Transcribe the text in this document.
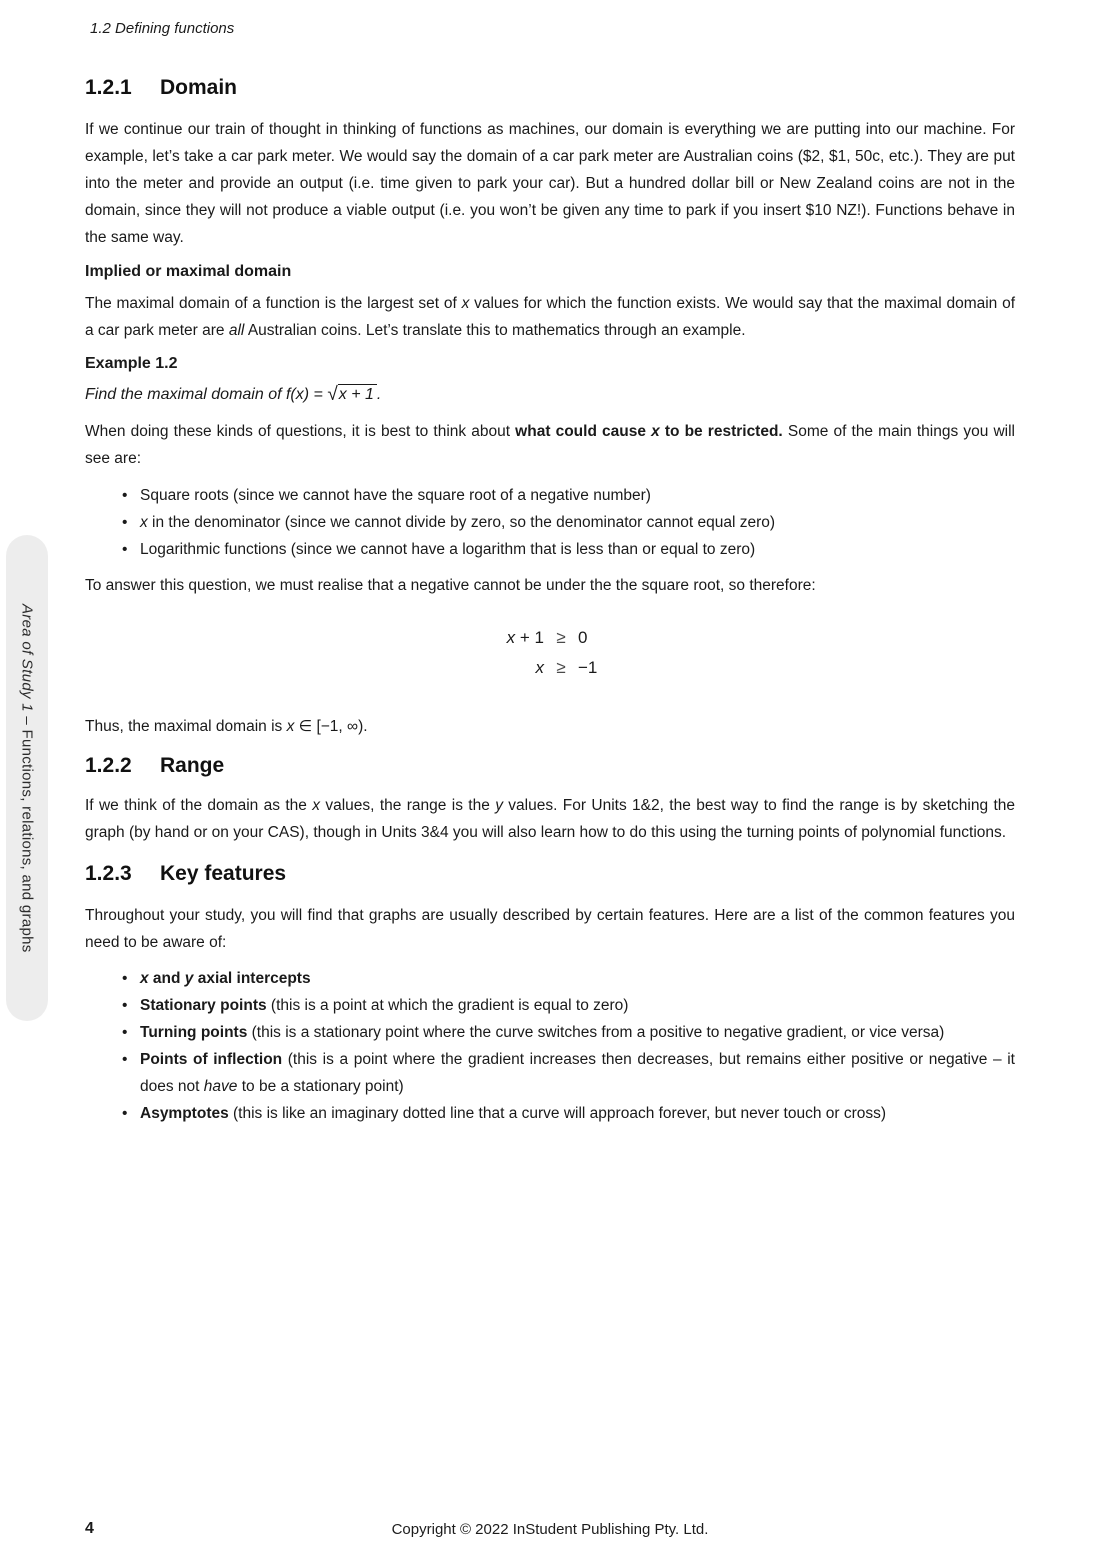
1.2 Defining functions
Area of Study 1 – Functions, relations, and graphs
1.2.1	Domain

If we continue our train of thought in thinking of functions as machines, our domain is everything we are putting into our machine. For example, let’s take a car park meter. We would say the domain of a car park meter are Australian coins ($2, $1, 50c, etc.). They are put into the meter and provide an output (i.e. time given to park your car). But a hundred dollar bill or New Zealand coins are not in the domain, since they will not produce a viable output (i.e. you won’t be given any time to park if you insert $10 NZ!). Functions behave in the same way.

Implied or maximal domain

The maximal domain of a function is the largest set of x values for which the function exists. We would say that the maximal domain of a car park meter are all Australian coins. Let’s translate this to mathematics through an example.

Example 1.2
Find the maximal domain of f(x) = √x + 1 .

When doing these kinds of questions, it is best to think about what could cause x to be restricted. Some of the main things you will see are:

• Square roots (since we cannot have the square root of a negative number)
• x in the denominator (since we cannot divide by zero, so the denominator cannot equal zero)
• Logarithmic functions (since we cannot have a logarithm that is less than or equal to zero)

To answer this question, we must realise that a negative cannot be under the the square root, so therefore:

x + 1 ≥ 0
x ≥ −1

Thus, the maximal domain is x ∈ [−1, ∞).

1.2.2	Range

If we think of the domain as the x values, the range is the y values. For Units 1&2, the best way to find the range is by sketching the graph (by hand or on your CAS), though in Units 3&4 you will also learn how to do this using the turning points of polynomial functions.

1.2.3	Key features

Throughout your study, you will find that graphs are usually described by certain features. Here are a list of the common features you need to be aware of:

• x and y axial intercepts
• Stationary points (this is a point at which the gradient is equal to zero)
• Turning points (this is a stationary point where the curve switches from a positive to negative gradient, or vice versa)
• Points of inflection (this is a point where the gradient increases then decreases, but remains either positive or negative – it does not have to be a stationary point)
• Asymptotes (this is like an imaginary dotted line that a curve will approach forever, but never touch or cross)
4	Copyright © 2022 InStudent Publishing Pty. Ltd.
